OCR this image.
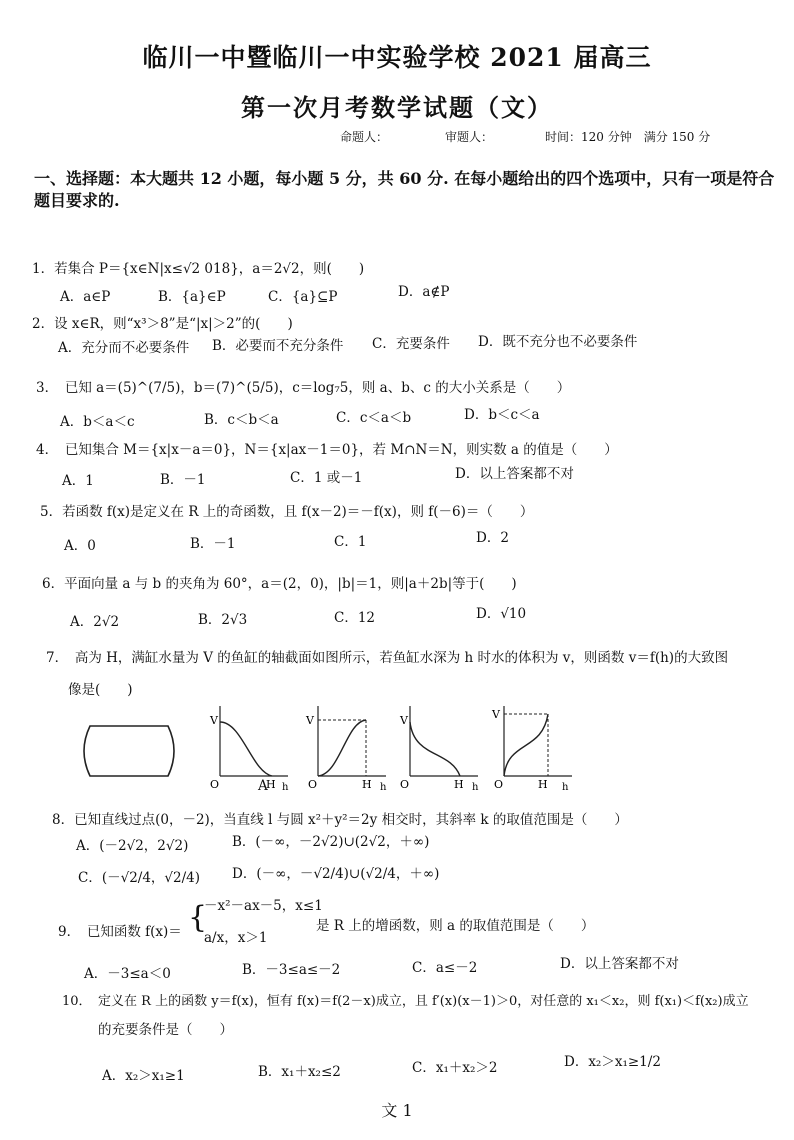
临川一中暨临川一中实验学校 2021 届高三
第一次月考数学试题（文）
命题人：	审题人：	时间：120 分钟　满分 150 分
一、选择题：本大题共 12 小题，每小题 5 分，共 60 分. 在每小题给出的四个选项中，只有一项是符合题目要求的.
1．若集合 P＝{x∈N|x≤√2 018}，a＝2√2，则(　　)
A．a∈P	B．{a}∈P	C．{a}⊆P	D．a∉P
2．设 x∈R，则“x³＞8”是“|x|＞2”的(　　)
A．充分而不必要条件 B．必要而不充分条件 C．充要条件 D．既不充分也不必要条件
3．　已知 a＝(5)^(7/5)，b＝(7)^(5/5)，c＝log₇5，则 a、b、c 的大小关系是（　　）
A．b＜a＜c	B．c＜b＜a	C．c＜a＜b	D．b＜c＜a
4．　已知集合 M＝{x|x－a＝0}，N＝{x|ax－1＝0}，若 M∩N＝N，则实数 a 的值是（　　）
A．1	B．－1	C．1 或－1	D．以上答案都不对
5．若函数 f(x)是定义在 R 上的奇函数，且 f(x－2)＝－f(x)，则 f(－6)＝（　　）
A．0	B．－1	C．1	D．2
6．平面向量 a 与 b 的夹角为 60°，a＝(2，0)，|b|＝1，则|a＋2b|等于(　　)
A．2√2	B．2√3	C．12	D．√10
7．　高为 H，满缸水量为 V 的鱼缸的轴截面如图所示，若鱼缸水深为 h 时水的体积为 v，则函数 v＝f(h)的大致图
像是(　　)
V
O	H h
A
V
O	H h
V
O	H h
V
O	H h
8．已知直线过点(0，－2)，当直线 l 与圆 x²＋y²＝2y 相交时，其斜率 k 的取值范围是（　　）
A．(－2√2，2√2)	B．(－∞，－2√2)∪(2√2，＋∞)
C．(－√2/4，√2/4) D．(－∞，－√2/4)∪(√2/4，＋∞)
9．　已知函数 f(x)＝ {
－x²－ax－5，x≤1
a/x，x＞1
是 R 上的增函数，则 a 的取值范围是（　　）
A．－3≤a＜0	B．－3≤a≤－2	C．a≤－2	D．以上答案都不对
10．　定义在 R 上的函数 y＝f(x)，恒有 f(x)＝f(2－x)成立，且 f′(x)(x－1)＞0，对任意的 x₁＜x₂，则 f(x₁)＜f(x₂)成立
的充要条件是（　　）
A．x₂＞x₁≥1	B．x₁＋x₂≤2	C．x₁＋x₂＞2	D．x₂＞x₁≥1/2
文 1
